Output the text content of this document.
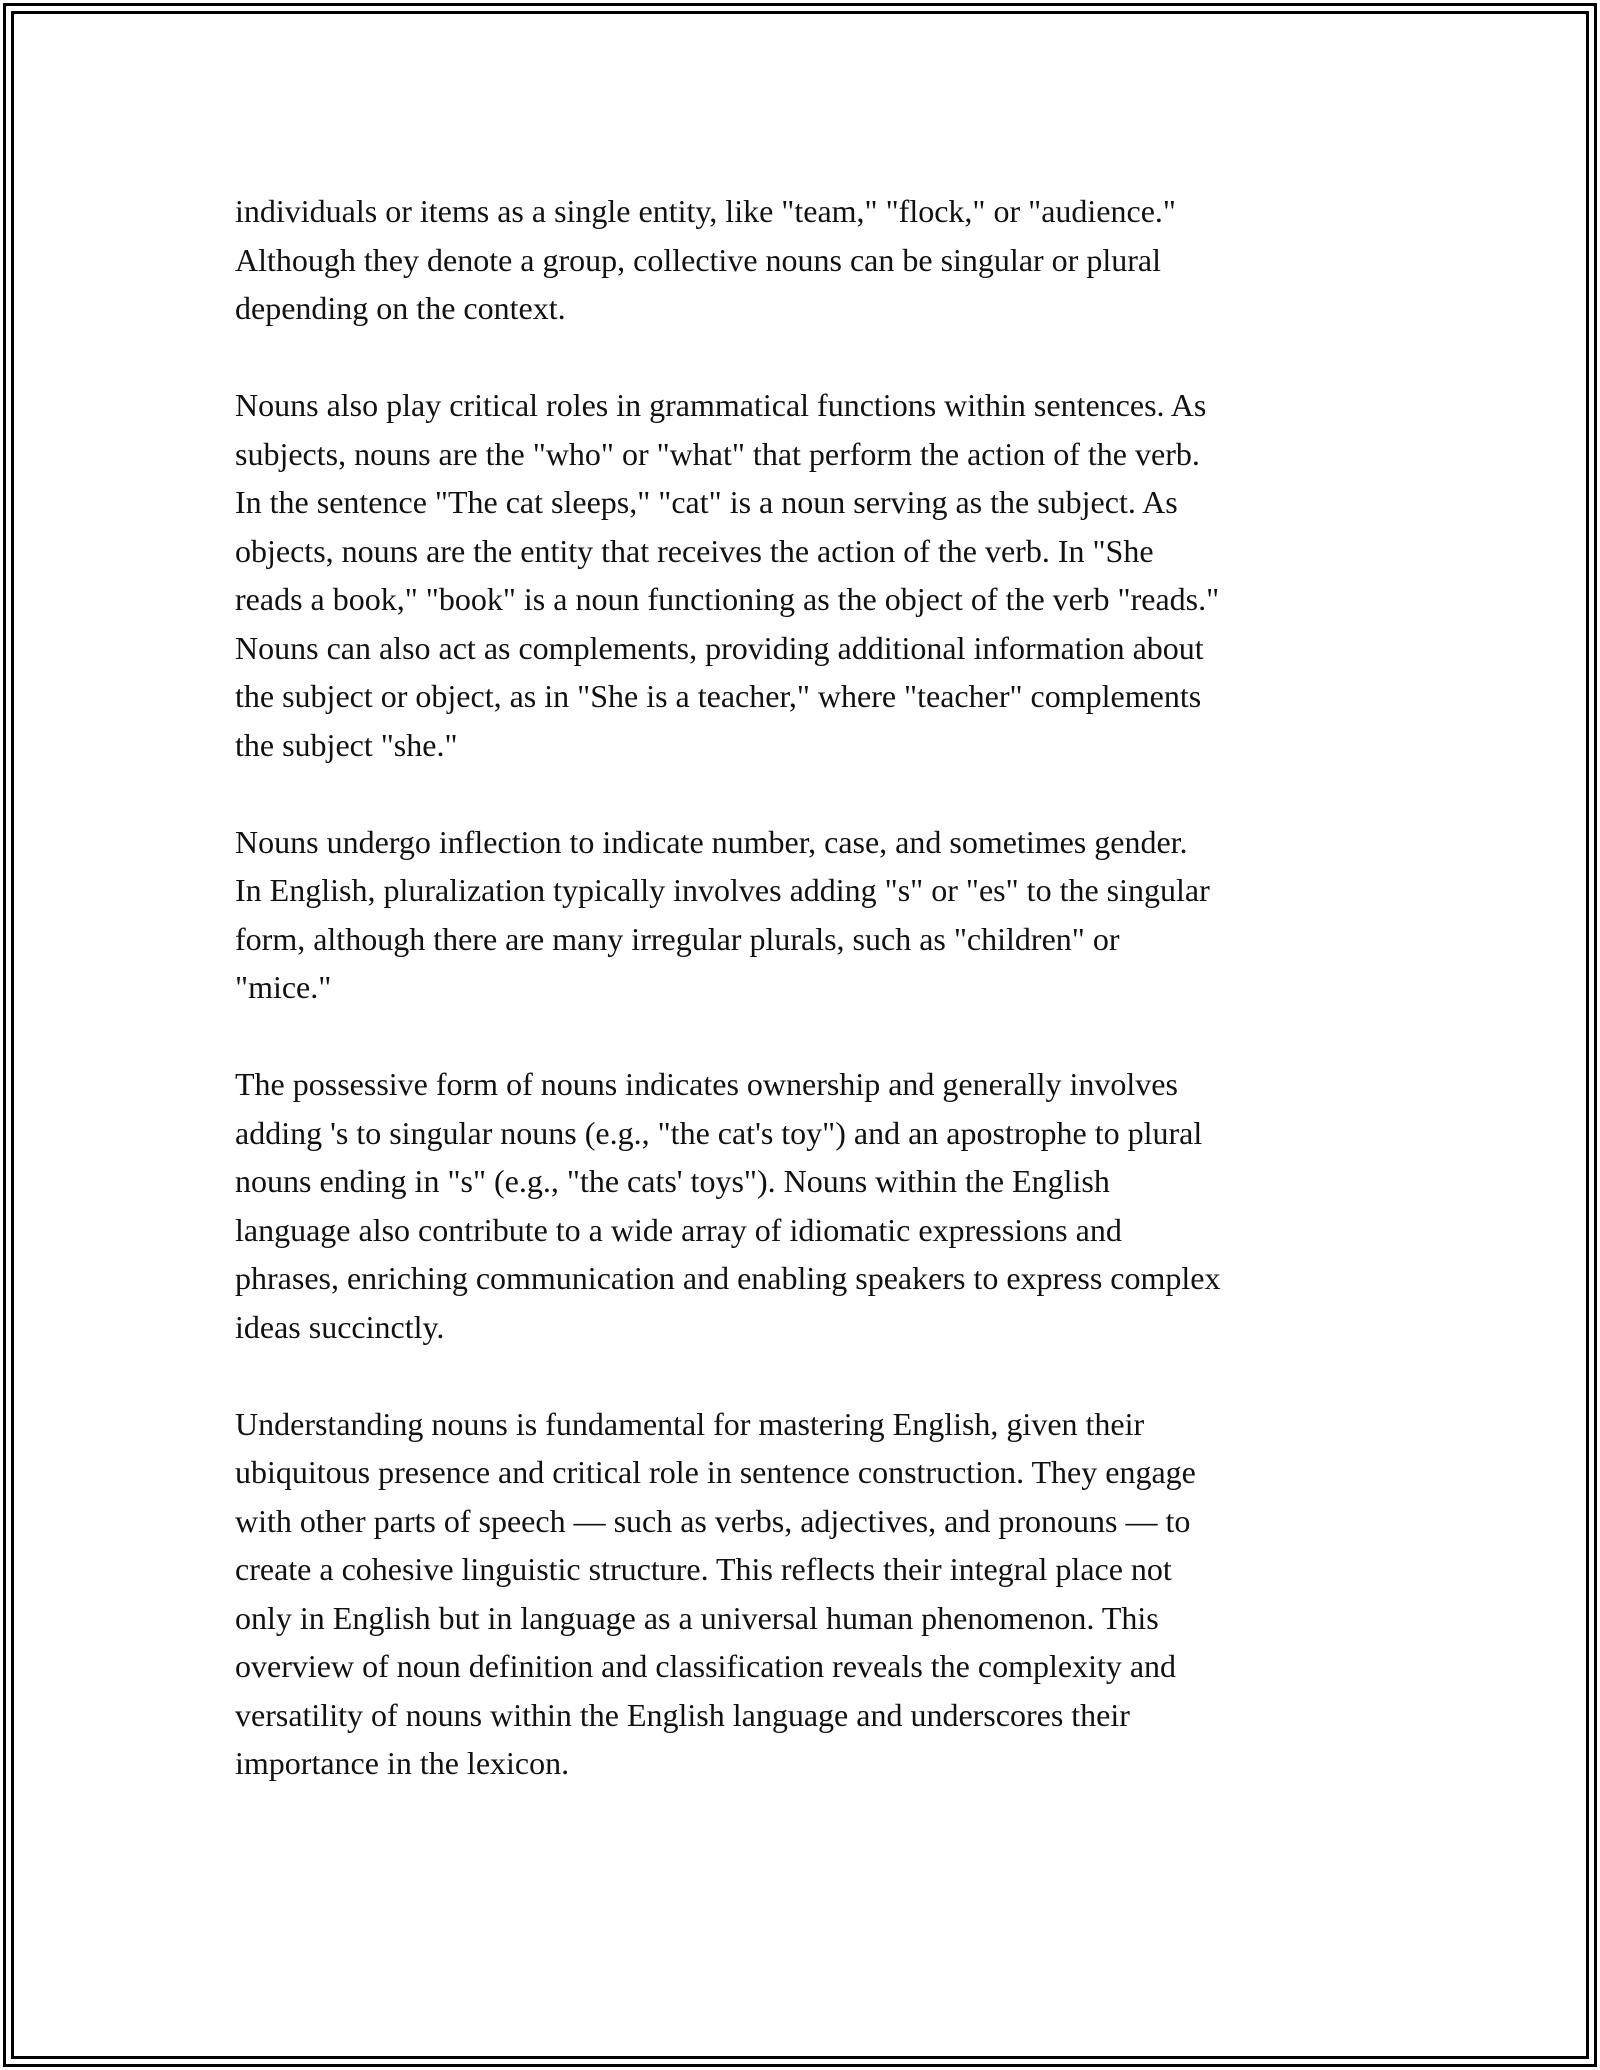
individuals or items as a single entity, like "team," "flock," or "audience."
Although they denote a group, collective nouns can be singular or plural
depending on the context.

Nouns also play critical roles in grammatical functions within sentences. As
subjects, nouns are the "who" or "what" that perform the action of the verb.
In the sentence "The cat sleeps," "cat" is a noun serving as the subject. As
objects, nouns are the entity that receives the action of the verb. In "She
reads a book," "book" is a noun functioning as the object of the verb "reads."
Nouns can also act as complements, providing additional information about
the subject or object, as in "She is a teacher," where "teacher" complements
the subject "she."

Nouns undergo inflection to indicate number, case, and sometimes gender.
In English, pluralization typically involves adding "s" or "es" to the singular
form, although there are many irregular plurals, such as "children" or
"mice."

The possessive form of nouns indicates ownership and generally involves
adding 's to singular nouns (e.g., "the cat's toy") and an apostrophe to plural
nouns ending in "s" (e.g., "the cats' toys"). Nouns within the English
language also contribute to a wide array of idiomatic expressions and
phrases, enriching communication and enabling speakers to express complex
ideas succinctly.

Understanding nouns is fundamental for mastering English, given their
ubiquitous presence and critical role in sentence construction. They engage
with other parts of speech — such as verbs, adjectives, and pronouns — to
create a cohesive linguistic structure. This reflects their integral place not
only in English but in language as a universal human phenomenon. This
overview of noun definition and classification reveals the complexity and
versatility of nouns within the English language and underscores their
importance in the lexicon.
